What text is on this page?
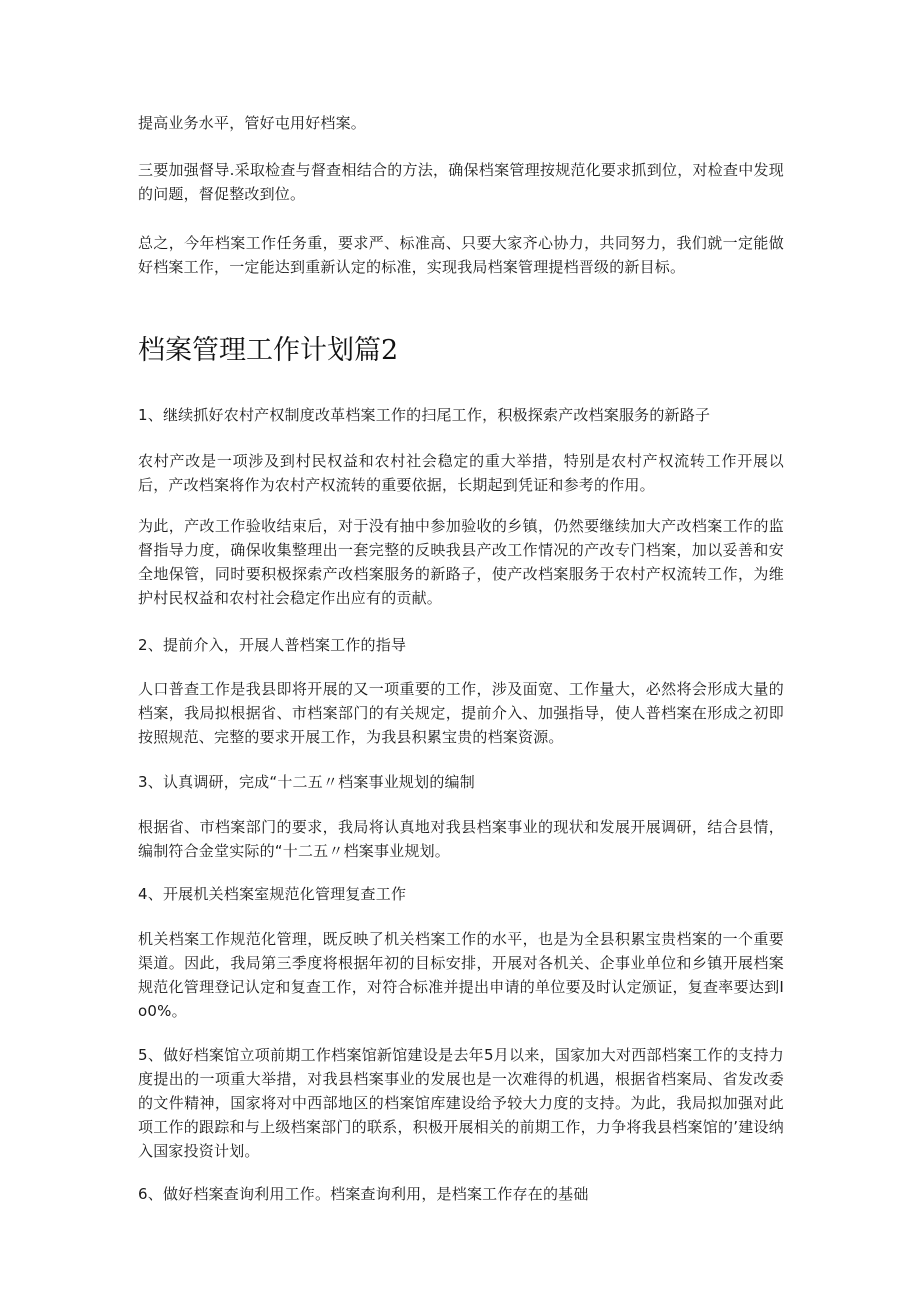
提高业务水平，管好屯用好档案。

三要加强督导.采取检查与督查相结合的方法，确保档案管理按规范化要求抓到位，对检查中发现的问题，督促整改到位。

总之，今年档案工作任务重，要求严、标准高、只要大家齐心协力，共同努力，我们就一定能做好档案工作，一定能达到重新认定的标准，实现我局档案管理提档晋级的新目标。

档案管理工作计划篇2

1、继续抓好农村产权制度改革档案工作的扫尾工作，积极探索产改档案服务的新路子

农村产改是一项涉及到村民权益和农村社会稳定的重大举措，特别是农村产权流转工作开展以后，产改档案将作为农村产权流转的重要依据，长期起到凭证和参考的作用。

为此，产改工作验收结束后，对于没有抽中参加验收的乡镇，仍然要继续加大产改档案工作的监督指导力度，确保收集整理出一套完整的反映我县产改工作情况的产改专门档案，加以妥善和安全地保管，同时要积极探索产改档案服务的新路子，使产改档案服务于农村产权流转工作，为维护村民权益和农村社会稳定作出应有的贡献。

2、提前介入，开展人普档案工作的指导

人口普查工作是我县即将开展的又一项重要的工作，涉及面宽、工作量大，必然将会形成大量的档案，我局拟根据省、市档案部门的有关规定，提前介入、加强指导，使人普档案在形成之初即按照规范、完整的要求开展工作，为我县积累宝贵的档案资源。

3、认真调研，完成“十二五〃档案事业规划的编制

根据省、市档案部门的要求，我局将认真地对我县档案事业的现状和发展开展调研，结合县情，编制符合金堂实际的“十二五〃档案事业规划。

4、开展机关档案室规范化管理复查工作

机关档案工作规范化管理，既反映了机关档案工作的水平，也是为全县积累宝贵档案的一个重要渠道。因此，我局第三季度将根据年初的目标安排，开展对各机关、企事业单位和乡镇开展档案规范化管理登记认定和复查工作，对符合标准并提出申请的单位要及时认定颁证，复查率要达到Io0%。

5、做好档案馆立项前期工作档案馆新馆建设是去年5月以来，国家加大对西部档案工作的支持力度提出的一项重大举措，对我县档案事业的发展也是一次难得的机遇，根据省档案局、省发改委的文件精神，国家将对中西部地区的档案馆库建设给予较大力度的支持。为此，我局拟加强对此项工作的跟踪和与上级档案部门的联系，积极开展相关的前期工作，力争将我县档案馆的’建设纳入国家投资计划。

6、做好档案查询利用工作。档案查询利用，是档案工作存在的基础
